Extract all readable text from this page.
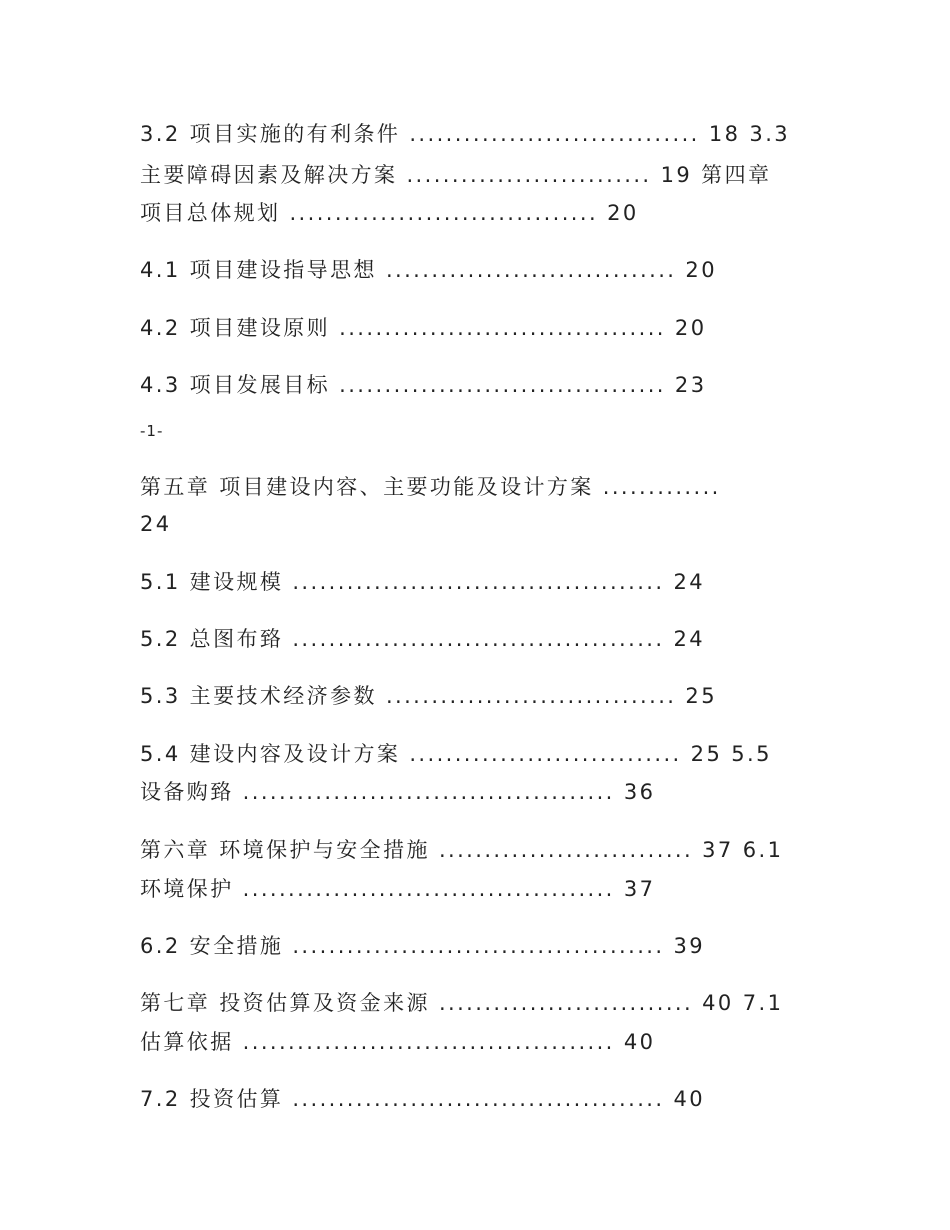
3.2 项目实施的有利条件 ................................ 18 3.3
主要障碍因素及解决方案 ........................... 19 第四章
项目总体规划 .................................. 20
4.1 项目建设指导思想 ................................ 20
4.2 项目建设原则 .................................... 20
4.3 项目发展目标 .................................... 23
-1-
第五章 项目建设内容、主要功能及设计方案 .............
24
5.1 建设规模 ......................................... 24
5.2 总图布臵 ......................................... 24
5.3 主要技术经济参数 ................................ 25
5.4 建设内容及设计方案 .............................. 25 5.5
设备购臵 ......................................... 36
第六章 环境保护与安全措施 ............................ 37 6.1
环境保护 ......................................... 37
6.2 安全措施 ......................................... 39
第七章 投资估算及资金来源 ............................ 40 7.1
估算依据 ......................................... 40
7.2 投资估算 ......................................... 40
